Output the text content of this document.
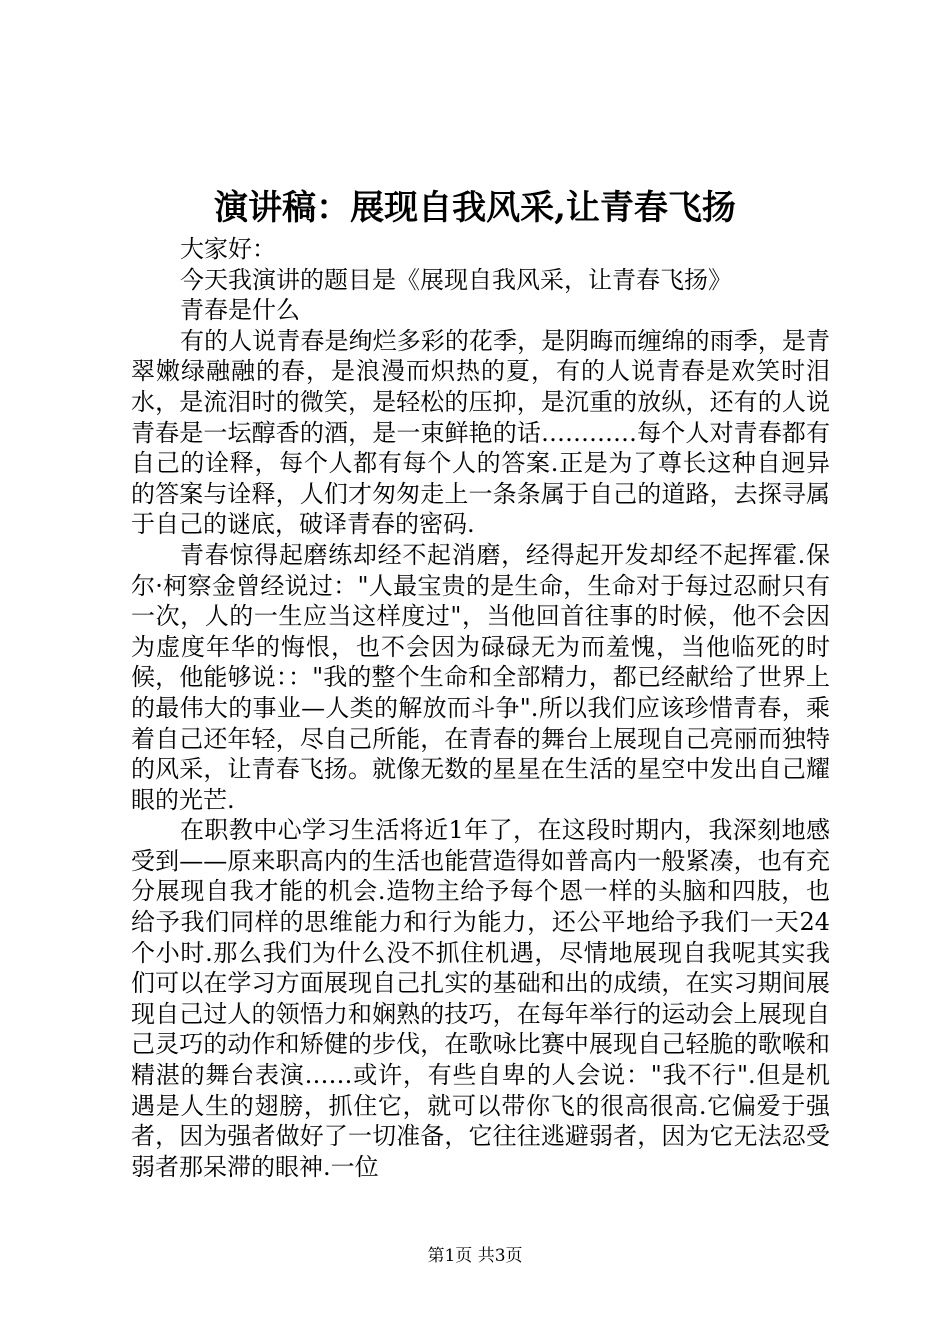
演讲稿：展现自我风采,让青春飞扬

大家好：

今天我演讲的题目是《展现自我风采，让青春飞扬》

青春是什么

有的人说青春是绚烂多彩的花季，是阴晦而缠绵的雨季，是青翠嫩绿融融的春，是浪漫而炽热的夏，有的人说青春是欢笑时泪水，是流泪时的微笑，是轻松的压抑，是沉重的放纵，还有的人说青春是一坛醇香的酒，是一束鲜艳的话…………每个人对青春都有自己的诠释，每个人都有每个人的答案.正是为了尊长这种自迥异的答案与诠释，人们才匆匆走上一条条属于自己的道路，去探寻属于自己的谜底，破译青春的密码.

青春惊得起磨练却经不起消磨，经得起开发却经不起挥霍.保尔·柯察金曾经说过："人最宝贵的是生命，生命对于每过忍耐只有一次，人的一生应当这样度过"，当他回首往事的时候，他不会因为虚度年华的悔恨，也不会因为碌碌无为而羞愧，当他临死的时候，他能够说：："我的整个生命和全部精力，都已经献给了世界上的最伟大的事业—人类的解放而斗争".所以我们应该珍惜青春，乘着自己还年轻，尽自己所能，在青春的舞台上展现自己亮丽而独特的风采，让青春飞扬。就像无数的星星在生活的星空中发出自己耀眼的光芒.

在职教中心学习生活将近1年了，在这段时期内，我深刻地感受到——原来职高内的生活也能营造得如普高内一般紧凑，也有充分展现自我才能的机会.造物主给予每个恩一样的头脑和四肢，也给予我们同样的思维能力和行为能力，还公平地给予我们一天24个小时.那么我们为什么没不抓住机遇，尽情地展现自我呢其实我们可以在学习方面展现自己扎实的基础和出的成绩，在实习期间展现自己过人的领悟力和娴熟的技巧，在每年举行的运动会上展现自己灵巧的动作和矫健的步伐，在歌咏比赛中展现自己轻脆的歌喉和精湛的舞台表演……或许，有些自卑的人会说："我不行".但是机遇是人生的翅膀，抓住它，就可以带你飞的很高很高.它偏爱于强者，因为强者做好了一切准备，它往往逃避弱者，因为它无法忍受弱者那呆滞的眼神.一位

第1页 共3页
